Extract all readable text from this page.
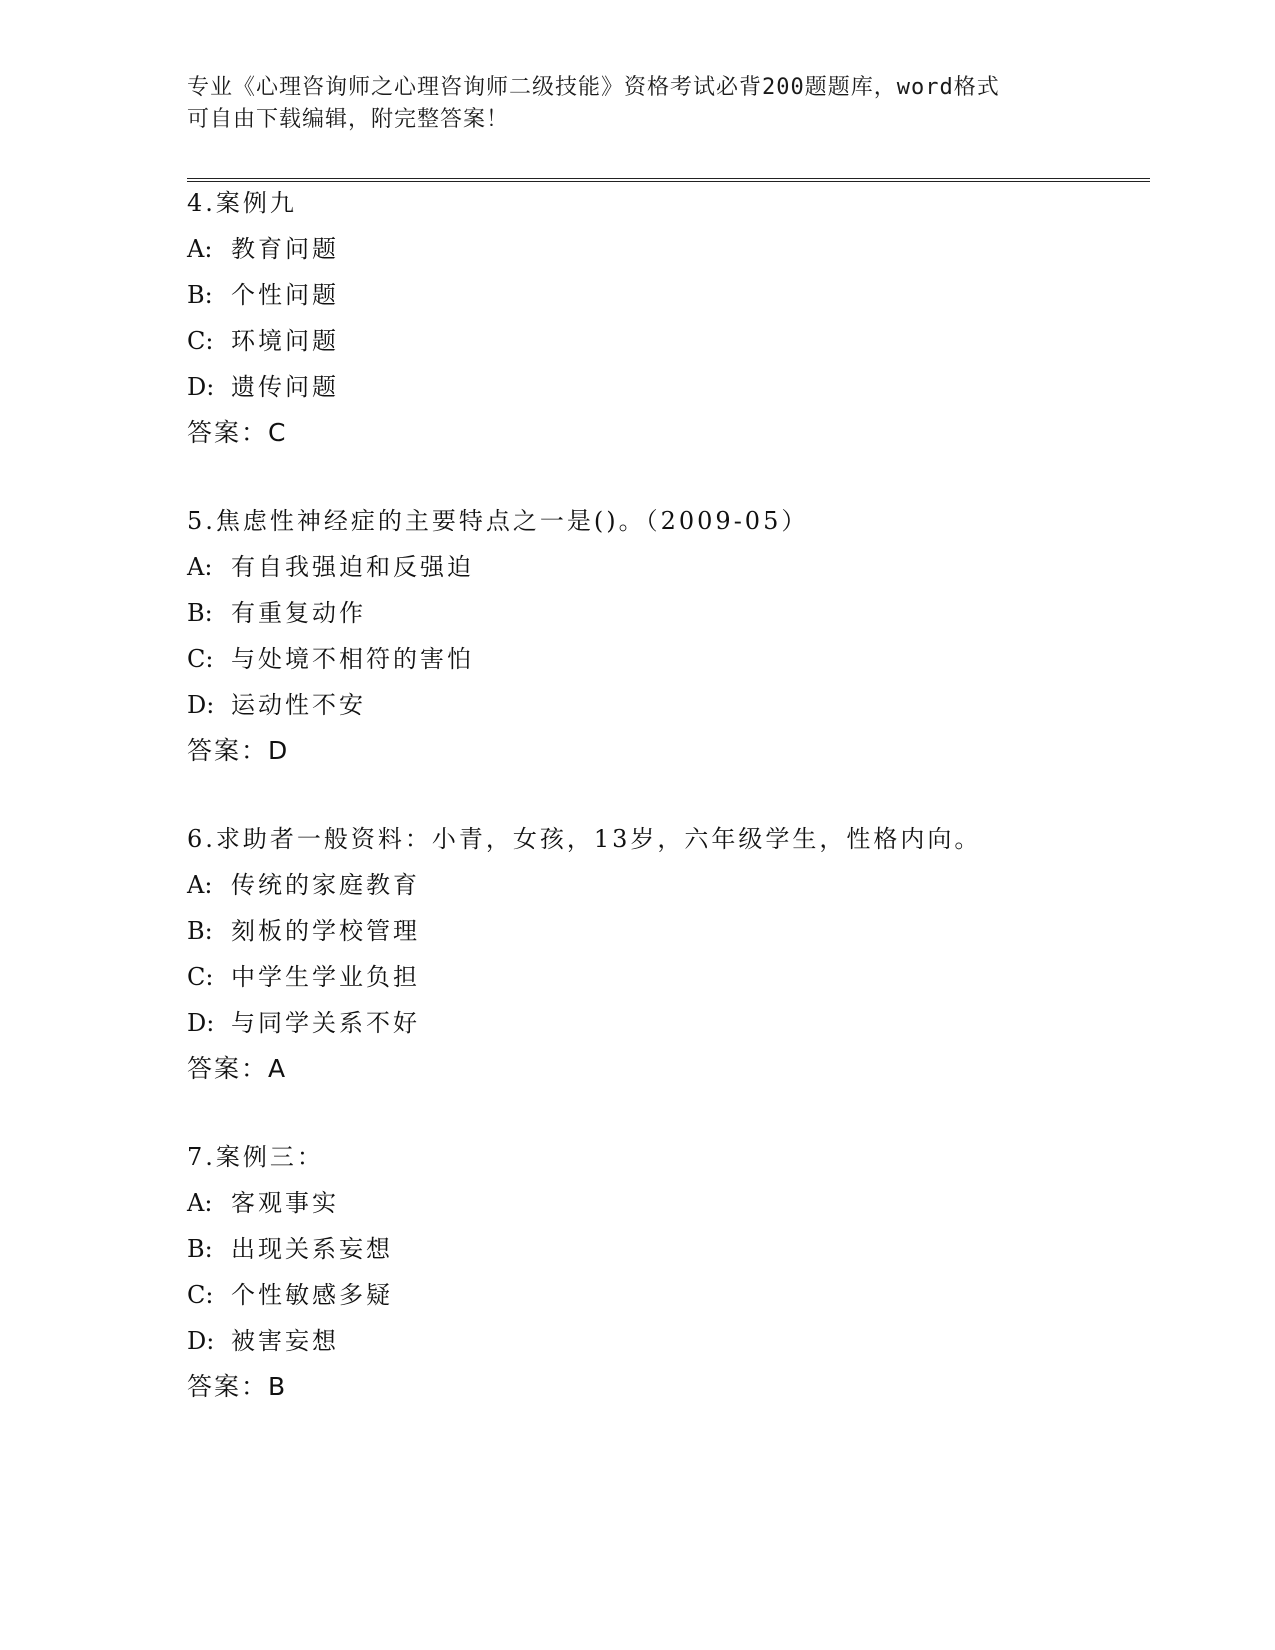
专业《心理咨询师之心理咨询师二级技能》资格考试必背200题题库，word格式
可自由下载编辑，附完整答案！
4.案例九
A: 教育问题
B: 个性问题
C: 环境问题
D: 遗传问题
答案：C
5.焦虑性神经症的主要特点之一是()。（2009-05）
A: 有自我强迫和反强迫
B: 有重复动作
C: 与处境不相符的害怕
D: 运动性不安
答案：D
6.求助者一般资料：小青，女孩，13岁，六年级学生，性格内向。
A: 传统的家庭教育
B: 刻板的学校管理
C: 中学生学业负担
D: 与同学关系不好
答案：A
7.案例三：
A: 客观事实
B: 出现关系妄想
C: 个性敏感多疑
D: 被害妄想
答案：B
